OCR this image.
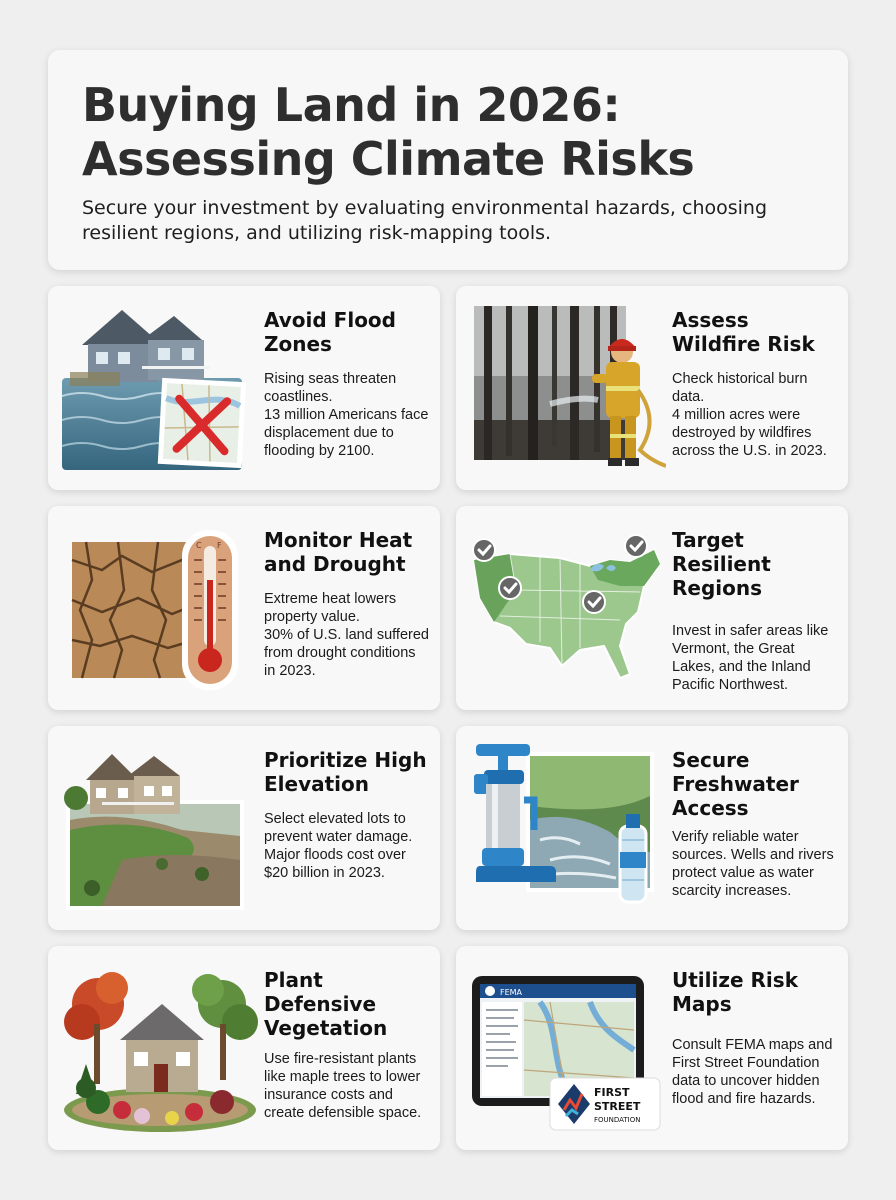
Buying Land in 2026:
Assessing Climate Risks
Secure your investment by evaluating environmental hazards, choosing resilient regions, and utilizing risk-mapping tools.
Avoid Flood Zones

Rising seas threaten coastlines.
13 million Americans face displacement due to flooding by 2100.

Assess Wildfire Risk

Check historical burn data.
4 million acres were destroyed by wildfires across the U.S. in 2023.

C F Monitor Heat and Drought

Extreme heat lowers property value.
30% of U.S. land suffered from drought conditions in 2023.

Target Resilient Regions

Invest in safer areas like Vermont, the Great Lakes, and the Inland Pacific Northwest.

Prioritize High Elevation

Select elevated lots to prevent water damage. Major floods cost over $20 billion in 2023.

Secure Freshwater Access

Verify reliable water sources. Wells and rivers protect value as water scarcity increases.

Plant Defensive Vegetation

Use fire-resistant plants like maple trees to lower insurance costs and create defensible space.

FEMA
FIRST
STREET
FOUNDATION
Utilize Risk Maps

Consult FEMA maps and First Street Foundation data to uncover hidden flood and fire hazards.
